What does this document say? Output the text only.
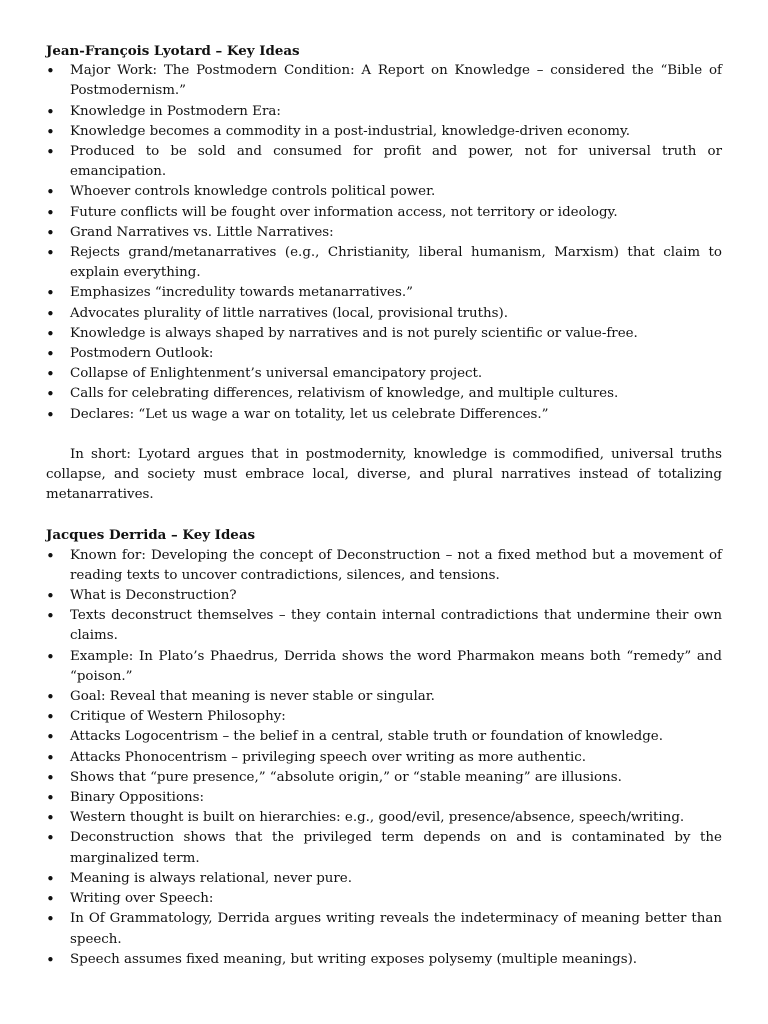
Jean-François Lyotard – Key Ideas

• Major Work: The Postmodern Condition: A Report on Knowledge – considered the “Bible of Postmodernism.”
• Knowledge in Postmodern Era:
• Knowledge becomes a commodity in a post-industrial, knowledge-driven economy.
• Produced to be sold and consumed for profit and power, not for universal truth or emancipation.
• Whoever controls knowledge controls political power.
• Future conflicts will be fought over information access, not territory or ideology.
• Grand Narratives vs. Little Narratives:
• Rejects grand/metanarratives (e.g., Christianity, liberal humanism, Marxism) that claim to explain everything.
• Emphasizes “incredulity towards metanarratives.”
• Advocates plurality of little narratives (local, provisional truths).
• Knowledge is always shaped by narratives and is not purely scientific or value-free.
• Postmodern Outlook:
• Collapse of Enlightenment’s universal emancipatory project.
• Calls for celebrating differences, relativism of knowledge, and multiple cultures.
• Declares: “Let us wage a war on totality, let us celebrate Differences.”

In short: Lyotard argues that in postmodernity, knowledge is commodified, universal truths collapse, and society must embrace local, diverse, and plural narratives instead of totalizing metanarratives.

Jacques Derrida – Key Ideas

• Known for: Developing the concept of Deconstruction – not a fixed method but a movement of reading texts to uncover contradictions, silences, and tensions.
• What is Deconstruction?
• Texts deconstruct themselves – they contain internal contradictions that undermine their own claims.
• Example: In Plato’s Phaedrus, Derrida shows the word Pharmakon means both “remedy” and “poison.”
• Goal: Reveal that meaning is never stable or singular.
• Critique of Western Philosophy:
• Attacks Logocentrism – the belief in a central, stable truth or foundation of knowledge.
• Attacks Phonocentrism – privileging speech over writing as more authentic.
• Shows that “pure presence,” “absolute origin,” or “stable meaning” are illusions.
• Binary Oppositions:
• Western thought is built on hierarchies: e.g., good/evil, presence/absence, speech/writing.
• Deconstruction shows that the privileged term depends on and is contaminated by the marginalized term.
• Meaning is always relational, never pure.
• Writing over Speech:
• In Of Grammatology, Derrida argues writing reveals the indeterminacy of meaning better than speech.
• Speech assumes fixed meaning, but writing exposes polysemy (multiple meanings).
